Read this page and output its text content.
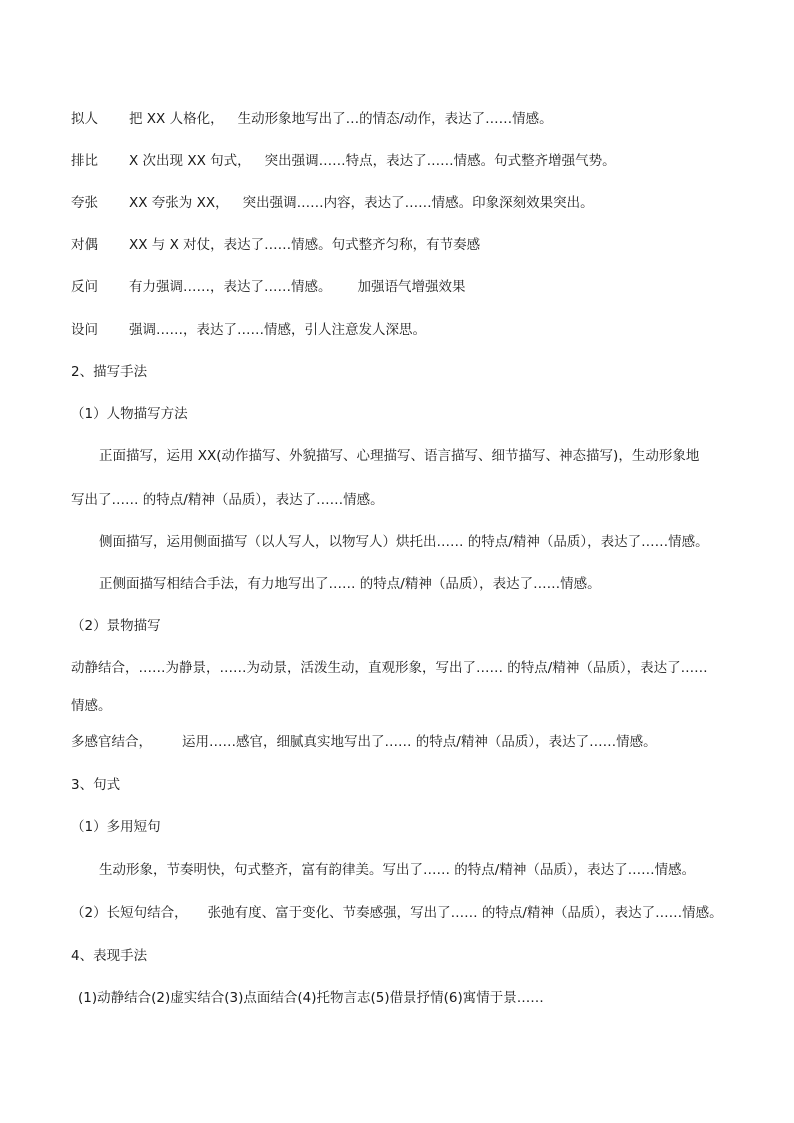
拟人 把 XX 人格化， 生动形象地写出了…的情态/动作，表达了……情感。
排比 X 次出现 XX 句式， 突出强调……特点，表达了……情感。句式整齐增强气势。
夸张 XX 夸张为 XX， 突出强调……内容，表达了……情感。印象深刻效果突出。
对偶 XX 与 X 对仗，表达了……情感。句式整齐匀称，有节奏感
反问 有力强调……，表达了……情感。 加强语气增强效果
设问 强调……，表达了……情感，引人注意发人深思。
2、描写手法
（1）人物描写方法
正面描写，运用 XX(动作描写、外貌描写、心理描写、语言描写、细节描写、神态描写)，生动形象地
写出了…… 的特点/精神（品质），表达了……情感。
侧面描写，运用侧面描写（以人写人，以物写人）烘托出…… 的特点/精神（品质），表达了……情感。
正侧面描写相结合手法，有力地写出了…… 的特点/精神（品质），表达了……情感。
（2）景物描写
动静结合，……为静景，……为动景，活泼生动，直观形象，写出了…… 的特点/精神（品质），表达了……
情感。
多感官结合， 运用……感官，细腻真实地写出了…… 的特点/精神（品质），表达了……情感。
3、句式
（1）多用短句
生动形象，节奏明快，句式整齐，富有韵律美。写出了…… 的特点/精神（品质），表达了……情感。
（2）长短句结合， 张弛有度、富于变化、节奏感强，写出了…… 的特点/精神（品质），表达了……情感。
4、表现手法
(1)动静结合(2)虚实结合(3)点面结合(4)托物言志(5)借景抒情(6)寓情于景……
